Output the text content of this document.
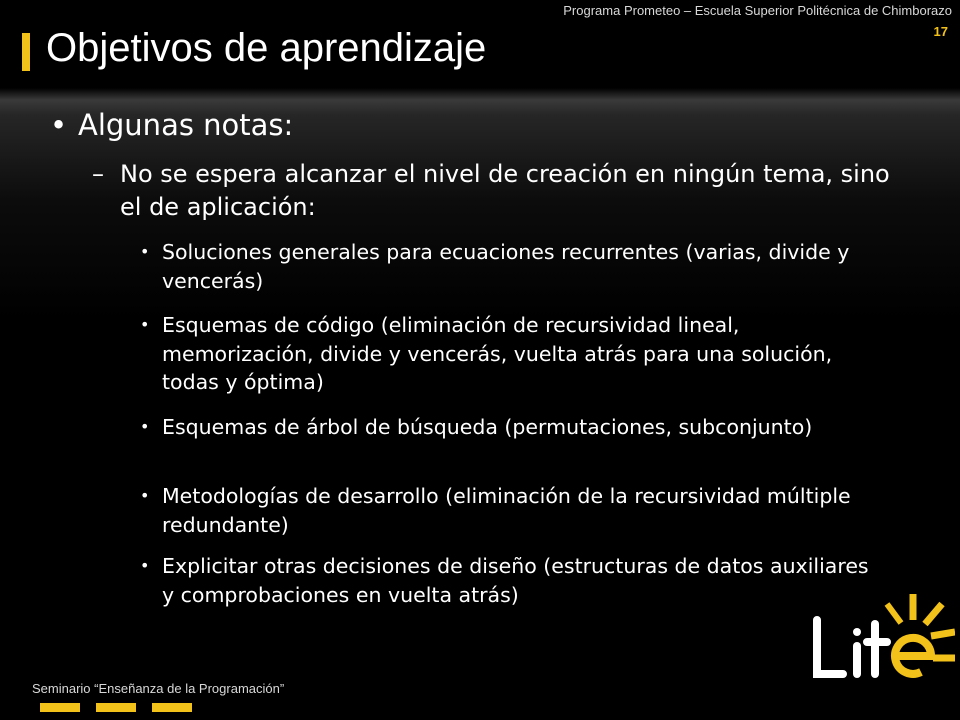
Programa Prometeo – Escuela Superior Politécnica de Chimborazo
17
Objetivos de aprendizaje
• Algunas notas:
– No se espera alcanzar el nivel de creación en ningún tema, sino el de aplicación:
• Soluciones generales para ecuaciones recurrentes (varias, divide y vencerás)
• Esquemas de código (eliminación de recursividad lineal, memorización, divide y vencerás, vuelta atrás para una solución, todas y óptima)
• Esquemas de árbol de búsqueda (permutaciones, subconjunto)
• Metodologías de desarrollo (eliminación de la recursividad múltiple redundante)
• Explicitar otras decisiones de diseño (estructuras de datos auxiliares y comprobaciones en vuelta atrás)
Seminario “Enseñanza de la Programación”
